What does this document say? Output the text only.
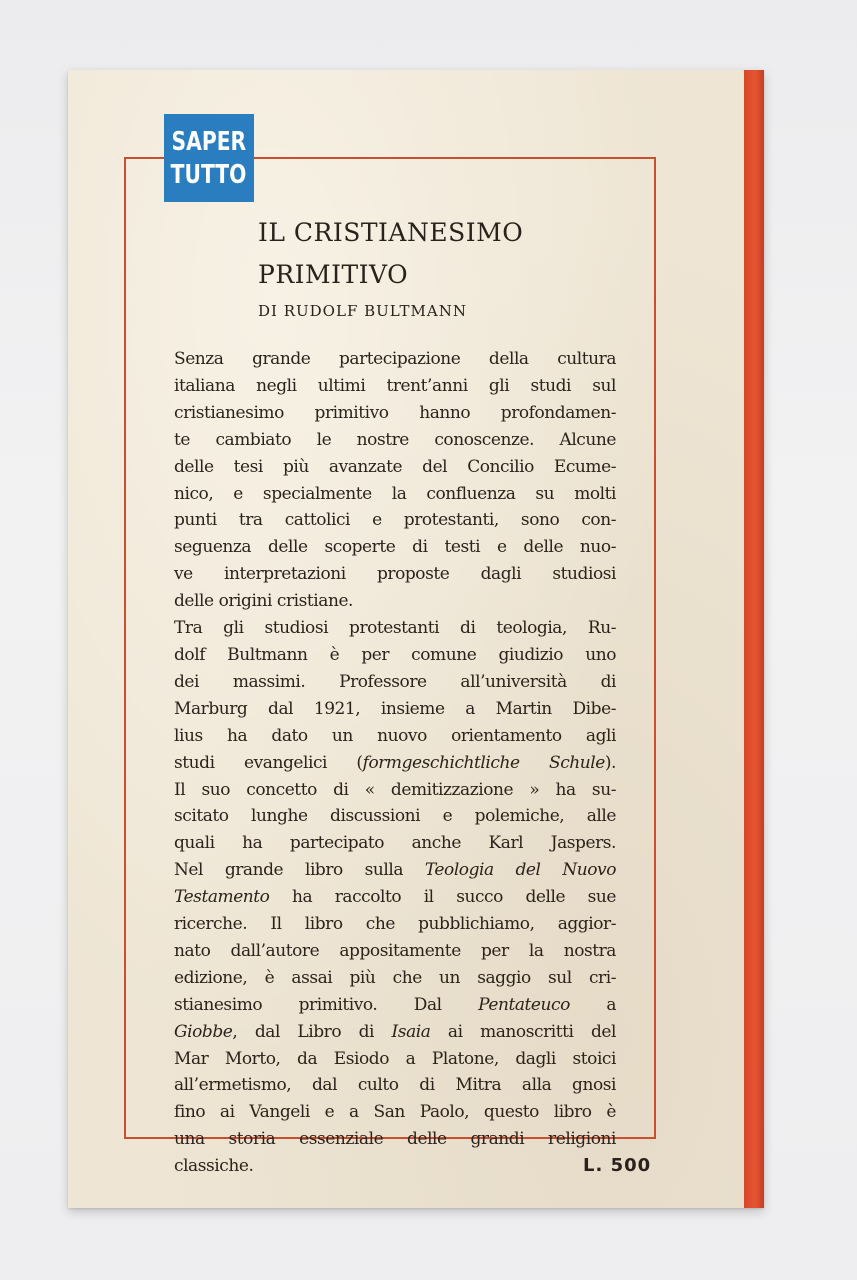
SAPER
TUTTO
IL CRISTIANESIMO
PRIMITIVO
DI RUDOLF BULTMANN
Senza grande partecipazione della cultura
italiana negli ultimi trent’anni gli studi sul
cristianesimo primitivo hanno profondamen-
te cambiato le nostre conoscenze. Alcune
delle tesi più avanzate del Concilio Ecume-
nico, e specialmente la confluenza su molti
punti tra cattolici e protestanti, sono con-
seguenza delle scoperte di testi e delle nuo-
ve interpretazioni proposte dagli studiosi
delle origini cristiane.
Tra gli studiosi protestanti di teologia, Ru-
dolf Bultmann è per comune giudizio uno
dei massimi. Professore all’università di
Marburg dal 1921, insieme a Martin Dibe-
lius ha dato un nuovo orientamento agli
studi evangelici (formgeschichtliche Schule).
Il suo concetto di « demitizzazione » ha su-
scitato lunghe discussioni e polemiche, alle
quali ha partecipato anche Karl Jaspers.
Nel grande libro sulla Teologia del Nuovo
Testamento ha raccolto il succo delle sue
ricerche. Il libro che pubblichiamo, aggior-
nato dall’autore appositamente per la nostra
edizione, è assai più che un saggio sul cri-
stianesimo primitivo. Dal Pentateuco a
Giobbe, dal Libro di Isaia ai manoscritti del
Mar Morto, da Esiodo a Platone, dagli stoici
all’ermetismo, dal culto di Mitra alla gnosi
fino ai Vangeli e a San Paolo, questo libro è
una storia essenziale delle grandi religioni
classiche.	L. 500
